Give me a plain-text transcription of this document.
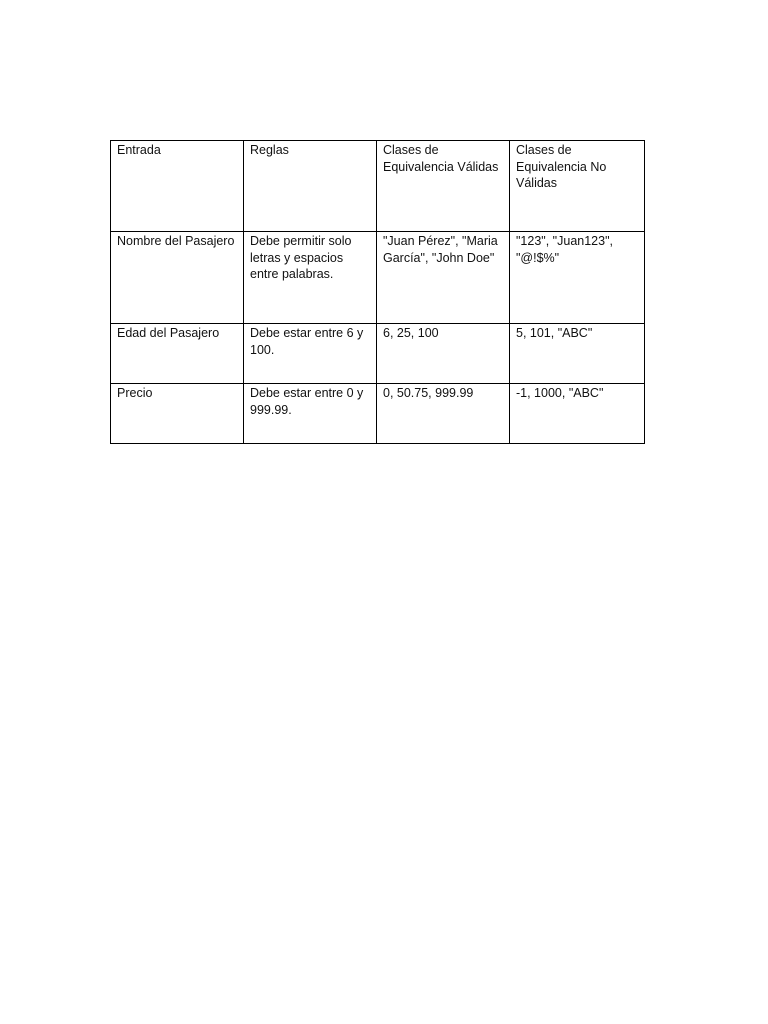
Entrada	Reglas	Clases de Equivalencia Válidas	Clases de Equivalencia No Válidas
Nombre del Pasajero	Debe permitir solo letras y espacios entre palabras.	"Juan Pérez", "Maria García", "John Doe"	"123", "Juan123", "@!$%"
Edad del Pasajero	Debe estar entre 6 y 100.	6, 25, 100	5, 101, "ABC"
Precio	Debe estar entre 0 y 999.99.	0, 50.75, 999.99	-1, 1000, "ABC"
